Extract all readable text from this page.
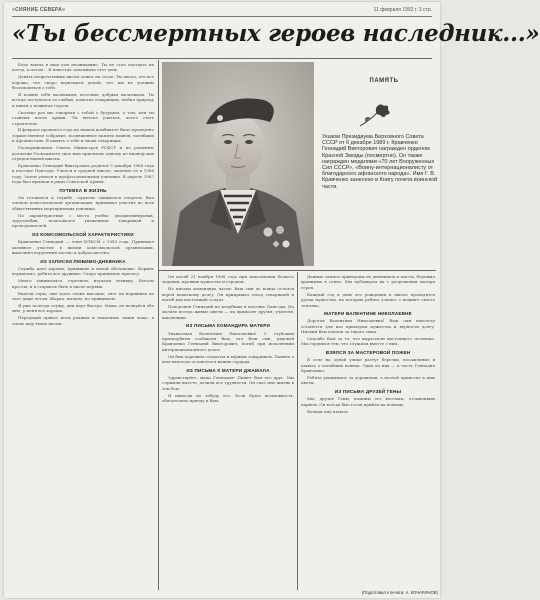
«СИЯНИЕ СЕВЕРА»	11 февраля 1992 г. 3 стр.
«Ты бессмертных героев наследник...»

Беда вошла в наш дом неожиданно. Ты не стал опоздать на поезд, а потом... Я навсегда запомнила этот день.

Девять непрочтенных писем лежат на столе. Ты писал, что все хорошо, что скоро вернешься домой, что мы не должны беспокоиться о тебе.

Я помню тебя маленьким, веселым, добрым мальчиком. Ты всегда заступался за слабых, помогал товарищам, любил природу и книги о подвигах героев.

Сколько раз мы говорили с тобой о будущем, о том, кем ты станешь после армии. Ты мечтал учиться, хотел стать строителем.

В феврале прошлого года на нашем комбинате было проведено торжественное собрание, посвященное памяти воинов, погибших в Афганистане. В память о тебе и твоих товарищах.

Распоряжением Совета Министров РСФСР и по решению коллегии Госкомитета твое имя присвоено одному из пионерских отрядов нашей школы.

Кравченко Геннадий Викторович родился 9 декабря 1968 года в поселке Пангоды. Учился в средней школе, окончил ее в 1986 году. Затем учился в профессиональном училище. В апреле 1987 года был призван в ряды Советской Армии.

ПУТЕВКА В ЖИЗНЬ

Он готовился к службе, серьезно занимался спортом, был членом комсомольской организации, принимал участие во всех общественных мероприятиях училища.

По характеристике с места учебы: дисциплинирован, трудолюбив, пользовался уважением товарищей и преподавателей.

ИЗ КОМСОМОЛЬСКОЙ ХАРАКТЕРИСТИКИ

Кравченко Геннадий — член ВЛКСМ с 1983 года. Принимал активное участие в жизни комсомольской организации, выполнял поручения честно и добросовестно.

ИЗ ЗАПИСКИ ЛЮБИМО-ДНЕВНИКА

Служба идет хорошо, привыкаю к новой обстановке. Кормят нормально, ребята все дружные. Скоро принимать присягу.

Много занимаемся, стреляем, изучаем технику. Бегаем кроссы, и я стараюсь быть в числе первых.

Видели горы, они здесь очень высокие, снег на вершинах не тает даже летом. Жарко, пыльно, но привыкаем.

Я уже полгода служу, дни идут быстро. Мама, не волнуйся обо мне, у меня все хорошо.

Передавай привет всем родным и знакомым, пиши чаще, я очень жду твоих писем.

ПАМЯТЬ
Указом Президиума Верховного Совета СССР от 6 декабря 1989 г. Кравченко Геннадий Викторович награжден орденом Красной Звезды (посмертно). Он также награжден медалями «70 лет Вооруженных Сил СССР», «Воину-интернационалисту от благодарного афганского народа». Имя Г. В. Кравченко занесено в Книгу почета воинской части.

Он погиб 21 ноября 1988 года при выполнении боевого задания, проявив мужество и героизм.

Из письма командира части: Ваш сын до конца остался верен воинскому долгу. Он прикрывал отход товарищей и погиб как настоящий солдат.

Похоронен Геннадий на кладбище в поселке Пангоды. На могиле всегда живые цветы — их приносят друзья, учителя, школьники.

ИЗ ПИСЬМА КОМАНДИРА МАТЕРИ

Уважаемая Валентина Николаевна! С глубоким прискорбием сообщаем Вам, что Ваш сын, рядовой Кравченко Геннадий Викторович, погиб при исполнении интернационального долга.

Он был хорошим солдатом и верным товарищем. Память о нем навсегда останется в наших сердцах.

ИЗ ПИСЬМА К МАТЕРИ ДЖАМАЛА

Здравствуйте, мама Геннадия! Пишет Вам его друг. Мы служили вместе, делили все трудности. Он спас мне жизнь в том бою.

Я никогда не забуду его. Если будет возможность, обязательно приеду к Вам.

Данные записи приведены из дневников и писем, бережно хранимых в семье. Мы публикуем их с разрешения матери героя.

Каждый год в день его рождения в школе проводятся уроки мужества, на которых ребята узнают о подвиге своего земляка.

МАТЕРИ ВАЛЕНТИНЕ НИКОЛАЕВНЕ

Дорогая Валентина Николаевна! Ваш сын навсегда останется для нас примером мужества и верности долгу. Низкий Вам поклон за такого сына.

Спасибо Вам за то, что вырастили настоящего человека. Мы гордимся тем, что служили вместе с ним.

ВЗЯЛСЯ ЗА МАСТЕРОВОЙ ПОЖЕН

В селе на одной улице растут березки, посаженные в память о погибших воинах. Одна из них — в честь Геннадия Кравченко.

Ребята ухаживают за деревьями, а весной приносят к ним цветы.

ИЗ ПИСЬМА ДРУЗЕЙ ГЕНЫ

Мы, друзья Гены, помним его веселым, отзывчивым парнем. Он всегда был готов прийти на помощь.

Вечная ему память.

(Подготовил к печати: А. КОЧАРИНОВ)
